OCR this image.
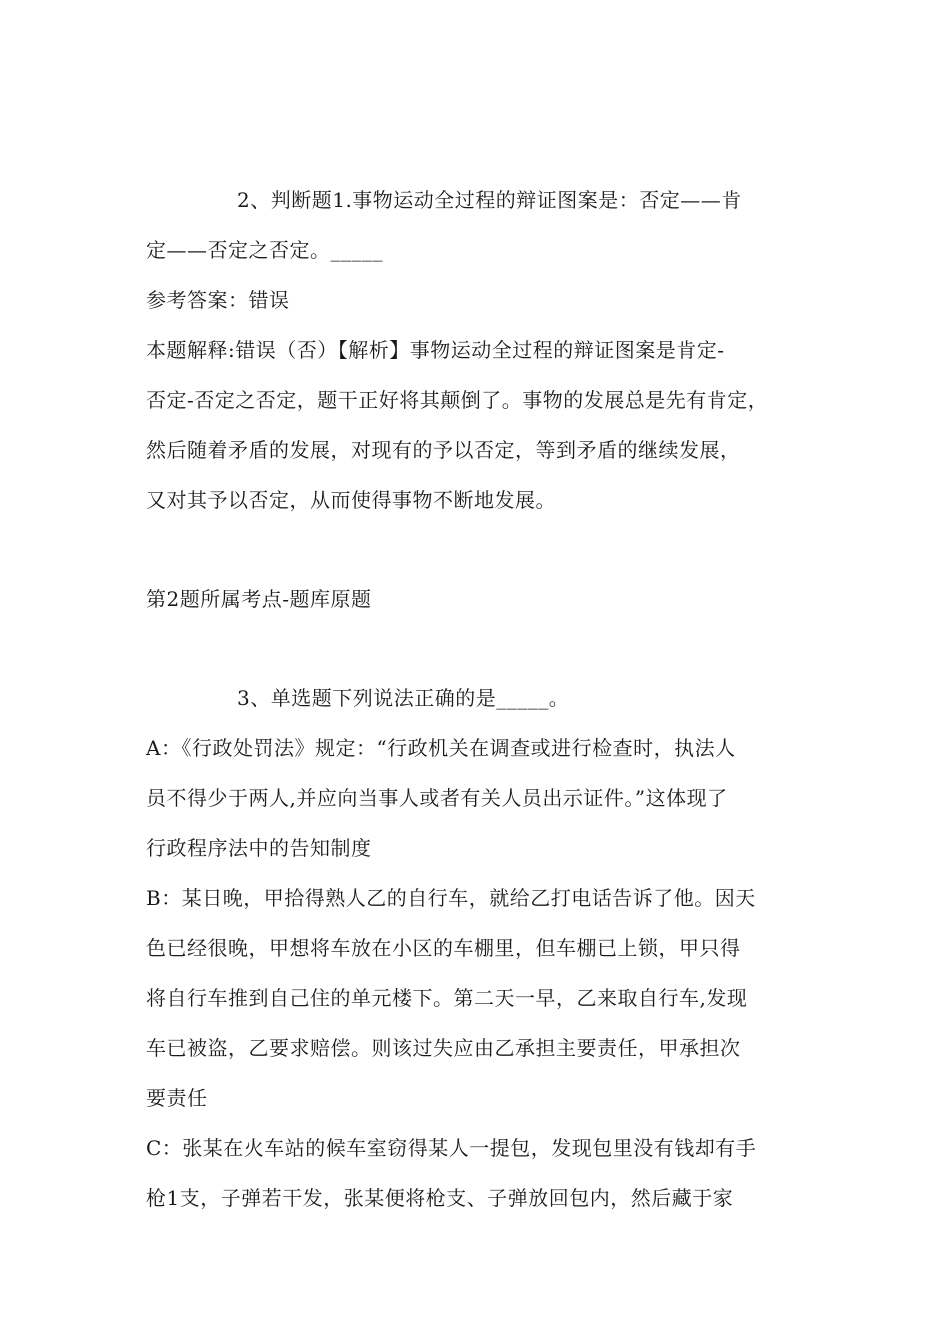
2、判断题1.事物运动全过程的辩证图案是：否定——肯
定——否定之否定。_____
参考答案：错误
本题解释:错误（否）【解析】事物运动全过程的辩证图案是肯定-
否定-否定之否定，题干正好将其颠倒了。事物的发展总是先有肯定，
然后随着矛盾的发展，对现有的予以否定，等到矛盾的继续发展，
又对其予以否定，从而使得事物不断地发展。
第2题所属考点-题库原题
3、单选题下列说法正确的是_____。
A：《行政处罚法》规定：“行政机关在调查或进行检查时，执法人
员不得少于两人,并应向当事人或者有关人员出示证件。”这体现了
行政程序法中的告知制度
B：某日晚，甲拾得熟人乙的自行车，就给乙打电话告诉了他。因天
色已经很晚，甲想将车放在小区的车棚里，但车棚已上锁，甲只得
将自行车推到自己住的单元楼下。第二天一早，乙来取自行车,发现
车已被盗，乙要求赔偿。则该过失应由乙承担主要责任，甲承担次
要责任
C：张某在火车站的候车室窃得某人一提包，发现包里没有钱却有手
枪1支，子弹若干发，张某便将枪支、子弹放回包内，然后藏于家
